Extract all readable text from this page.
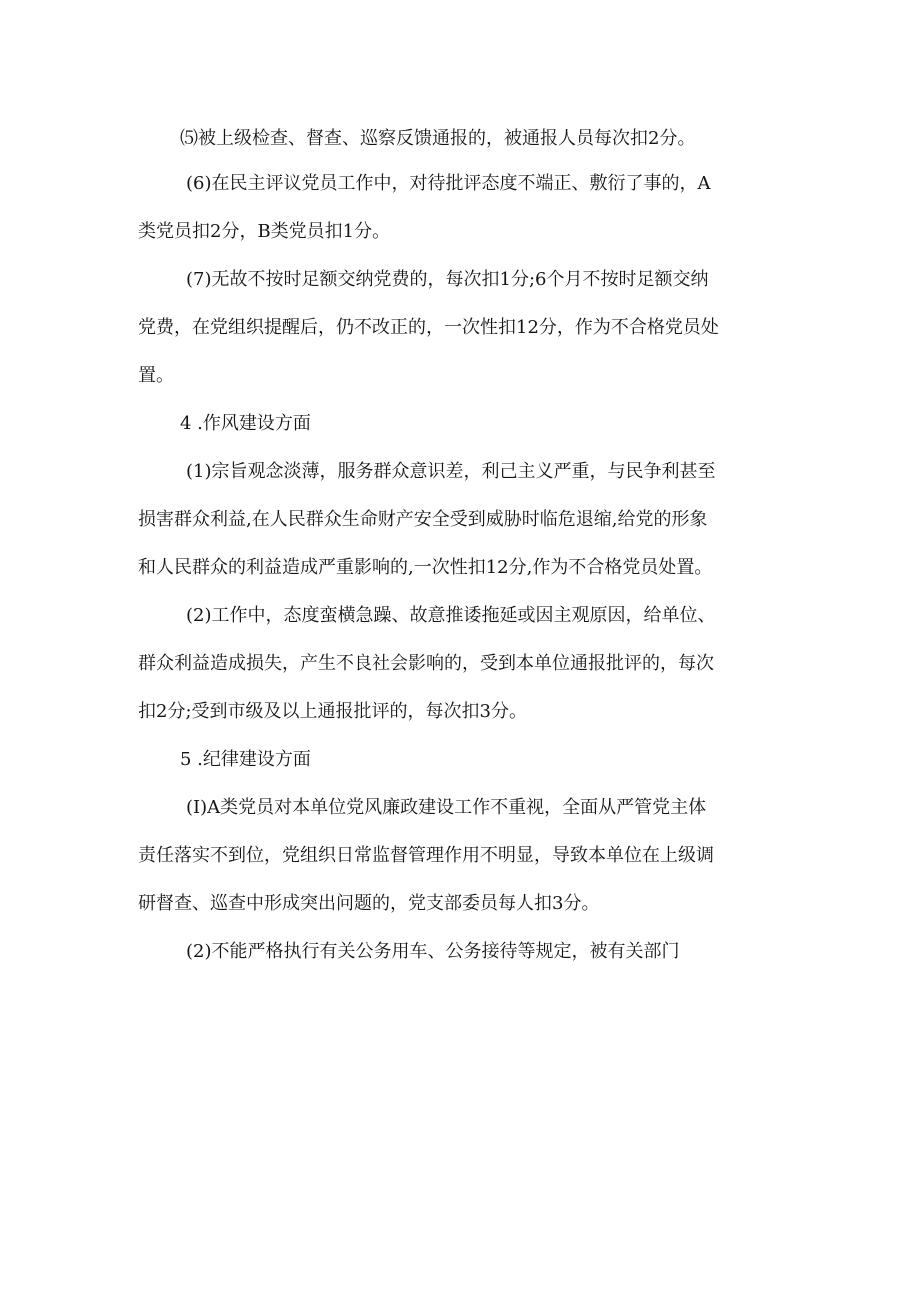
⑸被上级检查、督查、巡察反馈通报的，被通报人员每次扣2分。
(6)在民主评议党员工作中，对待批评态度不端正、敷衍了事的，A
类党员扣2分，B类党员扣1分。
(7)无故不按时足额交纳党费的，每次扣1分;6个月不按时足额交纳
党费，在党组织提醒后，仍不改正的，一次性扣12分，作为不合格党员处
置。
4 .作风建设方面
(1)宗旨观念淡薄，服务群众意识差，利己主义严重，与民争利甚至
损害群众利益,在人民群众生命财产安全受到威胁时临危退缩,给党的形象
和人民群众的利益造成严重影响的,一次性扣12分,作为不合格党员处置。
(2)工作中，态度蛮横急躁、故意推诿拖延或因主观原因，给单位、
群众利益造成损失，产生不良社会影响的，受到本单位通报批评的，每次
扣2分;受到市级及以上通报批评的，每次扣3分。
5 .纪律建设方面
(I)A类党员对本单位党风廉政建设工作不重视，全面从严管党主体
责任落实不到位，党组织日常监督管理作用不明显，导致本单位在上级调
研督查、巡查中形成突出问题的，党支部委员每人扣3分。
(2)不能严格执行有关公务用车、公务接待等规定，被有关部门
